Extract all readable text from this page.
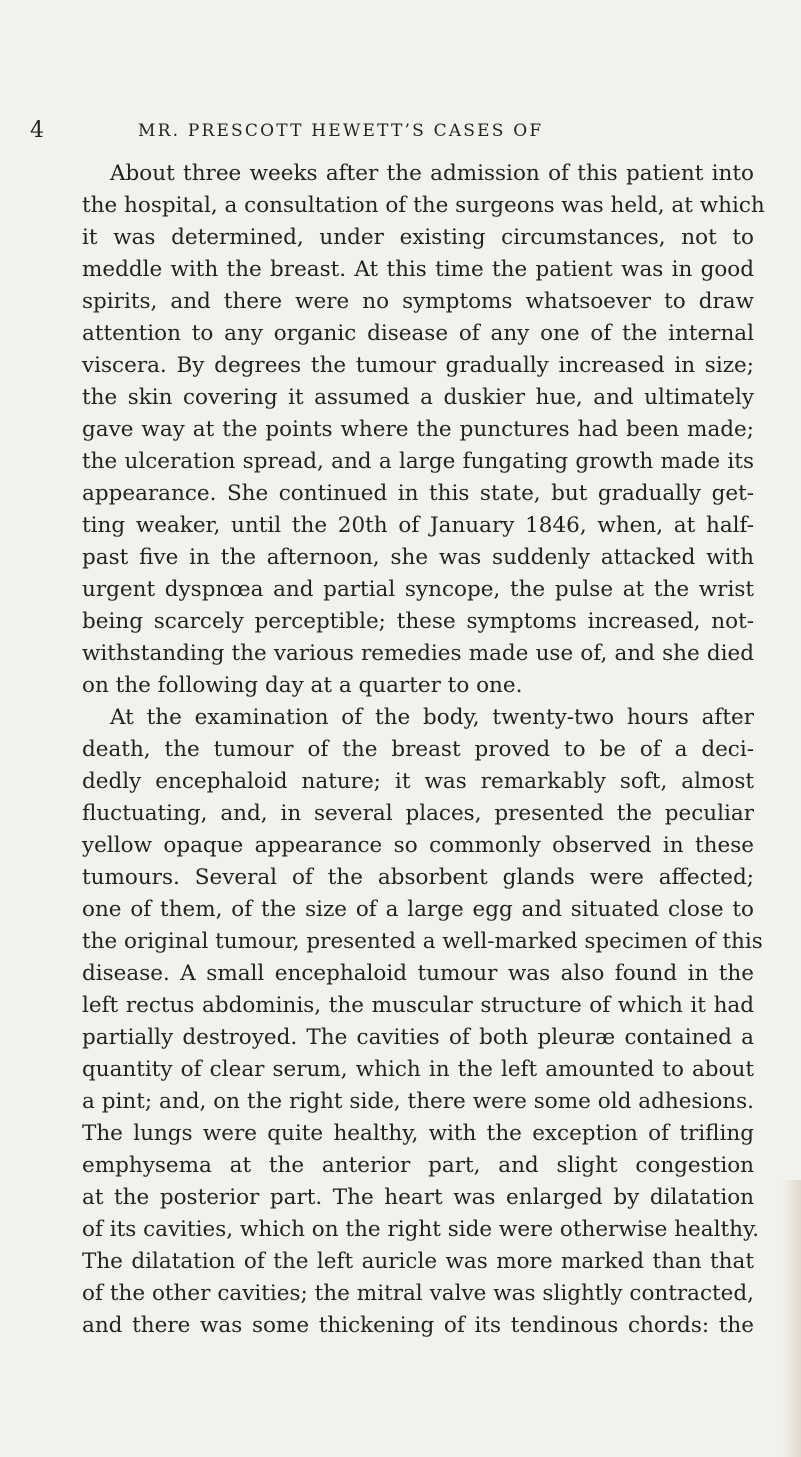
4	MR. PRESCOTT HEWETT’S CASES OF
About three weeks after the admission of this patient into
the hospital, a consultation of the surgeons was held, at which
it was determined, under existing circumstances, not to
meddle with the breast. At this time the patient was in good
spirits, and there were no symptoms whatsoever to draw
attention to any organic disease of any one of the internal
viscera. By degrees the tumour gradually increased in size;
the skin covering it assumed a duskier hue, and ultimately
gave way at the points where the punctures had been made;
the ulceration spread, and a large fungating growth made its
appearance. She continued in this state, but gradually get-
ting weaker, until the 20th of January 1846, when, at half-
past five in the afternoon, she was suddenly attacked with
urgent dyspnœa and partial syncope, the pulse at the wrist
being scarcely perceptible; these symptoms increased, not-
withstanding the various remedies made use of, and she died
on the following day at a quarter to one.
At the examination of the body, twenty-two hours after
death, the tumour of the breast proved to be of a deci-
dedly encephaloid nature; it was remarkably soft, almost
fluctuating, and, in several places, presented the peculiar
yellow opaque appearance so commonly observed in these
tumours. Several of the absorbent glands were affected;
one of them, of the size of a large egg and situated close to
the original tumour, presented a well-marked specimen of this
disease. A small encephaloid tumour was also found in the
left rectus abdominis, the muscular structure of which it had
partially destroyed. The cavities of both pleuræ contained a
quantity of clear serum, which in the left amounted to about
a pint; and, on the right side, there were some old adhesions.
The lungs were quite healthy, with the exception of trifling
emphysema at the anterior part, and slight congestion
at the posterior part. The heart was enlarged by dilatation
of its cavities, which on the right side were otherwise healthy.
The dilatation of the left auricle was more marked than that
of the other cavities; the mitral valve was slightly contracted,
and there was some thickening of its tendinous chords: the
